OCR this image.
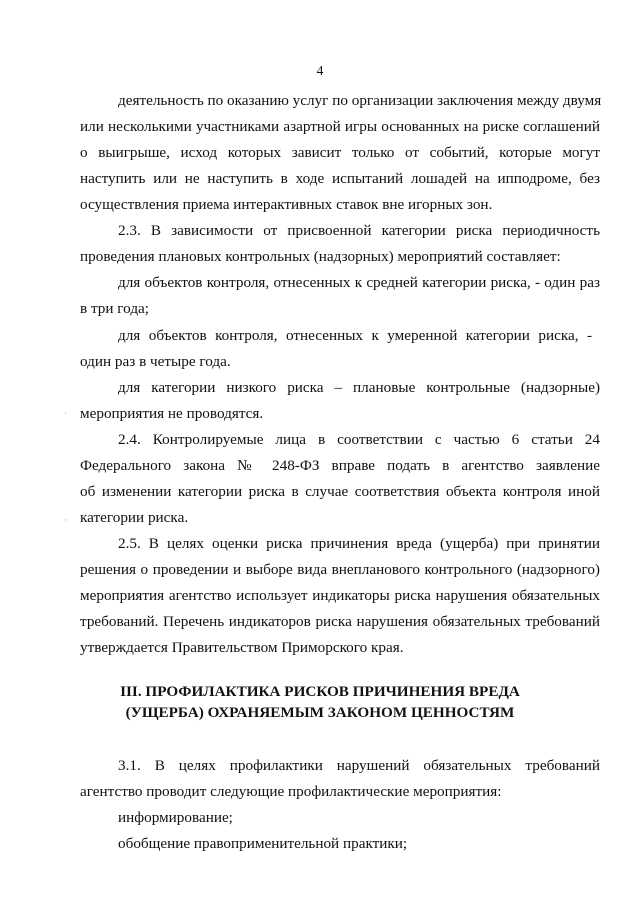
4
деятельность по оказанию услуг по организации заключения между двумя
или несколькими участниками азартной игры основанных на риске соглашений
о выигрыше, исход которых зависит только от событий, которые могут
наступить или не наступить в ходе испытаний лошадей на ипподроме, без
осуществления приема интерактивных ставок вне игорных зон.
2.3. В зависимости от присвоенной категории риска периодичность
проведения плановых контрольных (надзорных) мероприятий составляет:
для объектов контроля, отнесенных к средней категории риска, - один раз
в три года;
для объектов контроля, отнесенных к умеренной категории риска, -
один раз в четыре года.
для категории низкого риска – плановые контрольные (надзорные)
мероприятия не проводятся.
2.4. Контролируемые лица в соответствии с частью 6 статьи 24
Федерального закона № 248-ФЗ вправе подать в агентство заявление
об изменении категории риска в случае соответствия объекта контроля иной
категории риска.
2.5. В целях оценки риска причинения вреда (ущерба) при принятии
решения о проведении и выборе вида внепланового контрольного (надзорного)
мероприятия агентство использует индикаторы риска нарушения обязательных
требований. Перечень индикаторов риска нарушения обязательных требований
утверждается Правительством Приморского края.
III. ПРОФИЛАКТИКА РИСКОВ ПРИЧИНЕНИЯ ВРЕДА
(УЩЕРБА) ОХРАНЯЕМЫМ ЗАКОНОМ ЦЕННОСТЯМ
3.1. В целях профилактики нарушений обязательных требований
агентство проводит следующие профилактические мероприятия:
информирование;
обобщение правоприменительной практики;
·
·
